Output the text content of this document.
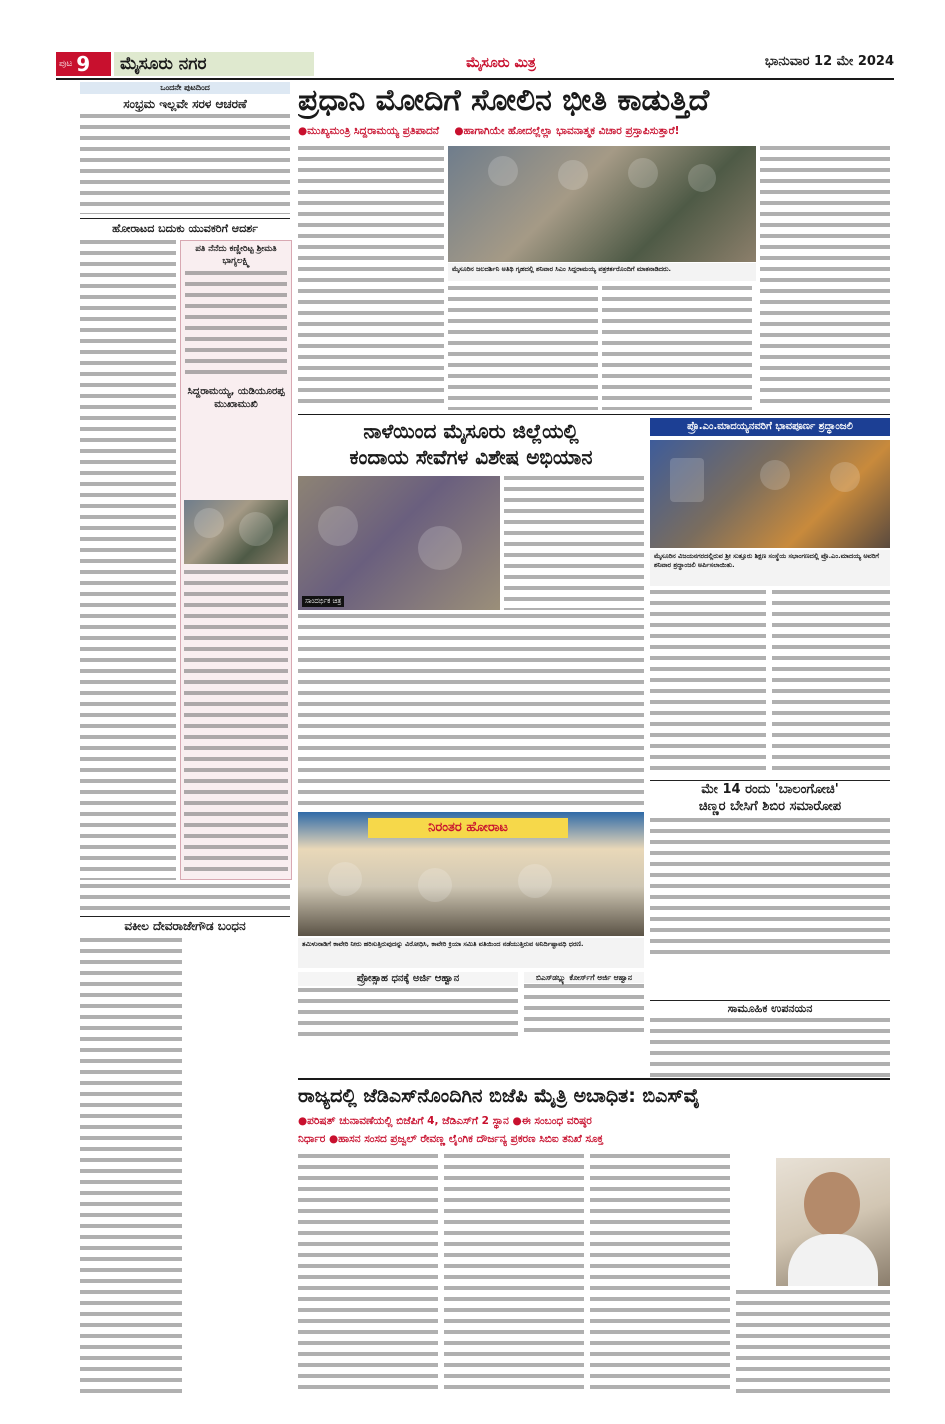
ಪುಟ 9	ಮೈಸೂರು ನಗರ	ಮೈಸೂರು ಮಿತ್ರ	ಭಾನುವಾರ 12 ಮೇ 2024
ಒಂದನೇ ಪುಟದಿಂದ
ಸಂಭ್ರಮ ಇಲ್ಲವೇ ಸರಳ ಆಚರಣೆ
ಹೋರಾಟದ ಬದುಕು ಯುವಕರಿಗೆ ಆದರ್ಶ
ಪತಿ ನೆನೆದು ಕಣ್ಣೀರಿಟ್ಟ ಶ್ರೀಮತಿ ಭಾಗ್ಯಲಕ್ಷ್ಮಿ
ಸಿದ್ದರಾಮಯ್ಯ, ಯಡಿಯೂರಪ್ಪ ಮುಖಾಮುಖಿ
ವಕೀಲ ದೇವರಾಜೇಗೌಡ ಬಂಧನ
ಪ್ರಧಾನಿ ಮೋದಿಗೆ ಸೋಲಿನ ಭೀತಿ ಕಾಡುತ್ತಿದೆ
●ಮುಖ್ಯಮಂತ್ರಿ ಸಿದ್ದರಾಮಯ್ಯ ಪ್ರತಿಪಾದನೆ ●ಹಾಗಾಗಿಯೇ ಹೋದಲ್ಲೆಲ್ಲಾ ಭಾವನಾತ್ಮಕ ವಿಚಾರ ಪ್ರಸ್ತಾಪಿಸುತ್ತಾರೆ!
ಮೈಸೂರಿನ ಜಲದರ್ಶಿನಿ ಅತಿಥಿ ಗೃಹದಲ್ಲಿ ಶನಿವಾರ ಸಿಎಂ ಸಿದ್ದರಾಮಯ್ಯ ಪತ್ರಕರ್ತರೊಂದಿಗೆ ಮಾತನಾಡಿದರು.
ನಾಳೆಯಿಂದ ಮೈಸೂರು ಜಿಲ್ಲೆಯಲ್ಲಿ
ಕಂದಾಯ ಸೇವೆಗಳ ವಿಶೇಷ ಅಭಿಯಾನ
ಸಾಂದರ್ಭಿಕ ಚಿತ್ರ
ಪ್ರೊ.ಎಂ.ಮಾದಯ್ಯನವರಿಗೆ ಭಾವಪೂರ್ಣ ಶ್ರದ್ಧಾಂಜಲಿ
ಮೈಸೂರಿನ ವಿಜಯನಗರದಲ್ಲಿರುವ ಶ್ರೀ ಸುತ್ತೂರು ಶಿಕ್ಷಣ ಸಂಸ್ಥೆಯ ಸಭಾಂಗಣದಲ್ಲಿ ಪ್ರೊ.ಎಂ.ಮಾದಯ್ಯ ಅವರಿಗೆ ಶನಿವಾರ ಶ್ರದ್ಧಾಂಜಲಿ ಅರ್ಪಿಸಲಾಯಿತು.
ಮೇ 14 ರಂದು 'ಬಾಲಂಗೋಚಿ'
ಚಿಣ್ಣರ ಬೇಸಿಗೆ ಶಿಬಿರ ಸಮಾರೋಪ
ನಿರಂತರ ಹೋರಾಟ
ತಮಿಳುನಾಡಿಗೆ ಕಾವೇರಿ ನೀರು ಹರಿಸುತ್ತಿರುವುದನ್ನು ವಿರೋಧಿಸಿ, ಕಾವೇರಿ ಕ್ರಿಯಾ ಸಮಿತಿ ವತಿಯಿಂದ ನಡೆಯುತ್ತಿರುವ ಅನಿರ್ದಿಷ್ಟಾವಧಿ ಧರಣಿ.
ಪ್ರೋತ್ಸಾಹ ಧನಕ್ಕೆ ಅರ್ಜಿ ಆಹ್ವಾನ	ಬಿಎಸ್‌ಡಬ್ಲ್ಯು ಕೋರ್ಸ್‌ಗೆ ಅರ್ಜಿ ಆಹ್ವಾನ
ಸಾಮೂಹಿಕ ಉಪನಯನ
ರಾಜ್ಯದಲ್ಲಿ ಜೆಡಿಎಸ್‌ನೊಂದಿಗಿನ ಬಿಜೆಪಿ ಮೈತ್ರಿ ಅಬಾಧಿತ: ಬಿಎಸ್‌ವೈ
●ಪರಿಷತ್ ಚುನಾವಣೆಯಲ್ಲಿ ಬಿಜೆಪಿಗೆ 4, ಜೆಡಿಎಸ್‌ಗೆ 2 ಸ್ಥಾನ ●ಈ ಸಂಬಂಧ ವರಿಷ್ಠರ
ನಿರ್ಧಾರ ●ಹಾಸನ ಸಂಸದ ಪ್ರಜ್ವಲ್ ರೇವಣ್ಣ ಲೈಂಗಿಕ ದೌರ್ಜನ್ಯ ಪ್ರಕರಣ ಸಿಬಿಐ ತನಿಖೆ ಸೂಕ್ತ
